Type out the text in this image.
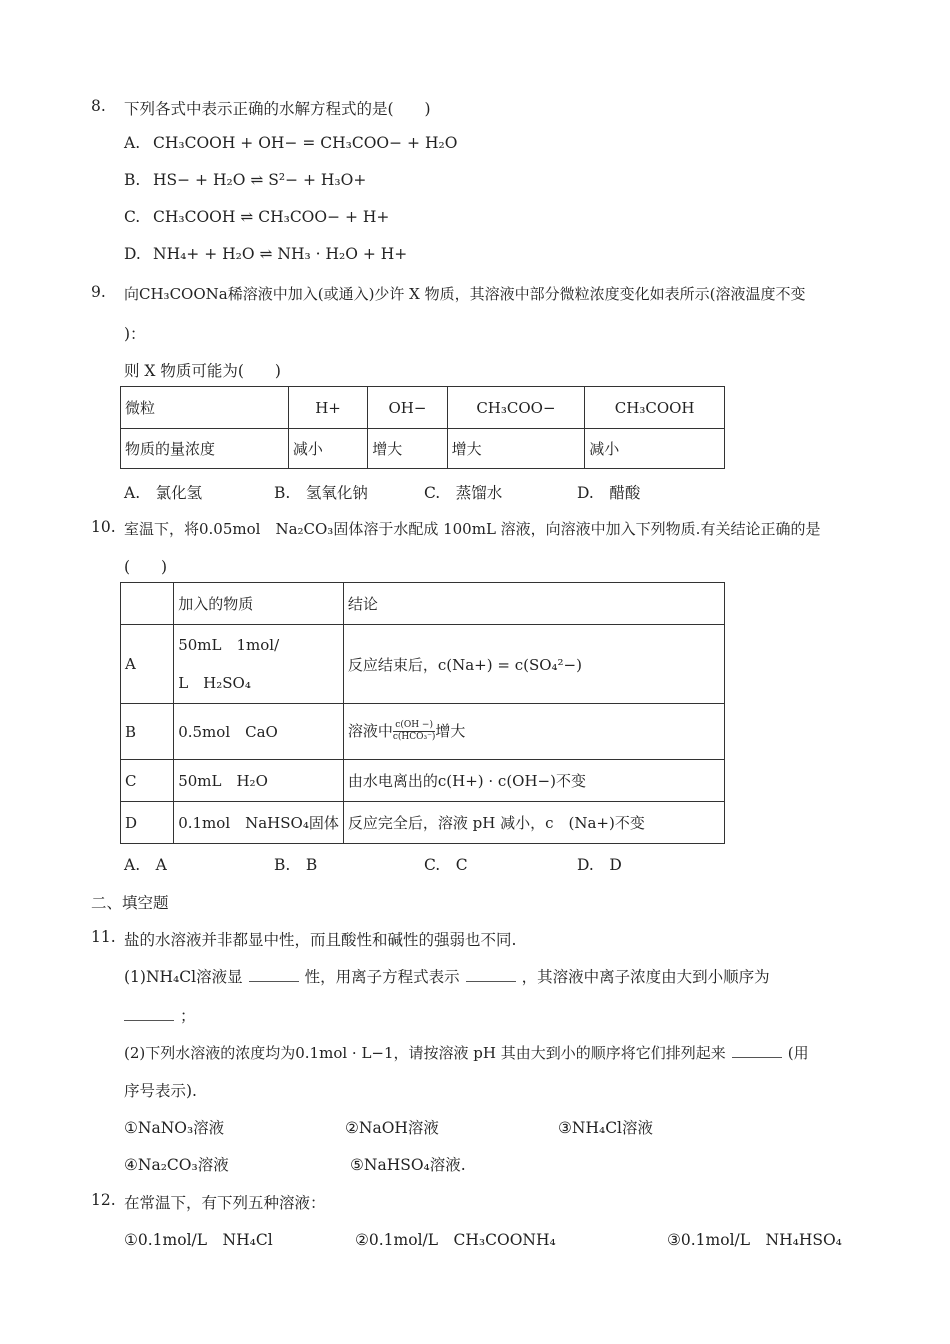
8. 下列各式中表示正确的水解方程式的是(　　)
A. CH₃COOH + OH− = CH₃COO− + H₂O
B. HS− + H₂O ⇌ S²− + H₃O+
C. CH₃COOH ⇌ CH₃COO− + H+
D. NH₄+ + H₂O ⇌ NH₃ · H₂O + H+
9. 向CH₃COONa稀溶液中加入(或通入)少许 X 物质，其溶液中部分微粒浓度变化如表所示(溶液温度不变
)：
则 X 物质可能为(　　)
微粒	H+	OH−	CH₃COO−	CH₃COOH
物质的量浓度	减小	增大	增大	减小
A.　 氯化氢	B.　 氢氧化钠	C.　 蒸馏水	D.　 醋酸
10. 室温下，将0.05mol　Na₂CO₃固体溶于水配成 100mL 溶液，向溶液中加入下列物质.有关结论正确的是
(　　)
	加入的物质	结论
A	50mL　1mol/
L　H₂SO₄	反应结束后，c(Na+) = c(SO₄²−)
B	0.5mol　CaO	溶液中 $\frac{c(OH -)}{\text{c(HCO₃⁻)}}$ 增大
C	50mL　H₂O	由水电离出的c(H+) · c(OH−)不变
D	0.1mol　NaHSO₄固体	反应完全后，溶液 pH 减小，c　(Na+)不变
A.　 A	B.　 B	C.　 C	D.　 D
二、填空题
11. 盐的水溶液并非都显中性，而且酸性和碱性的强弱也不同.
(1)NH₄Cl溶液显	性，用离子方程式表示	，其溶液中离子浓度由大到小顺序为
；
(2)下列水溶液的浓度均为0.1mol · L−1，请按溶液 pH 其由大到小的顺序将它们排列起来	(用
序号表示).
①NaNO₃溶液	②NaOH溶液	③NH₄Cl溶液
④Na₂CO₃溶液	⑤NaHSO₄溶液.
12. 在常温下，有下列五种溶液：
①0.1mol/L　NH₄Cl	②0.1mol/L　CH₃COONH₄	③0.1mol/L　NH₄HSO₄
